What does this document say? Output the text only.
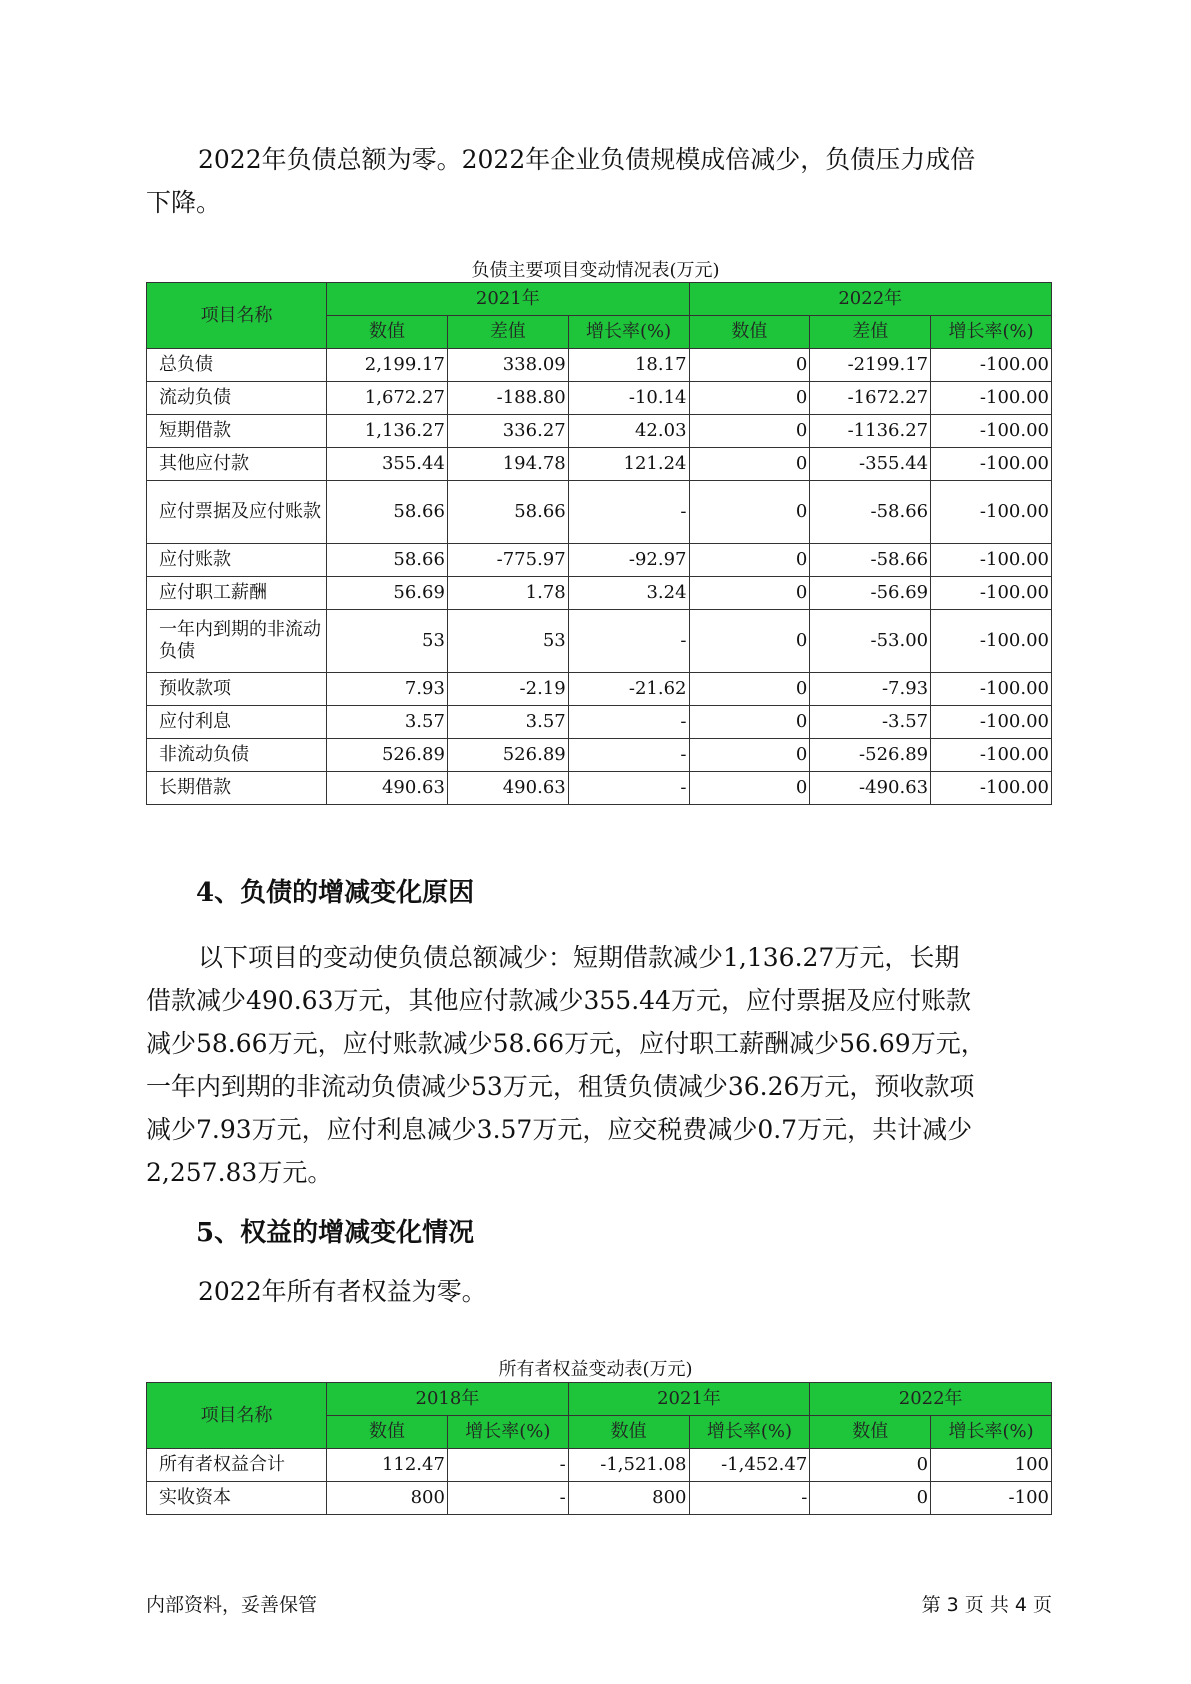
2022年负债总额为零。2022年企业负债规模成倍减少，负债压力成倍
下降。

负债主要项目变动情况表(万元)
项目名称	2021年			2022年		
	数值	差值	增长率(%)	数值	差值	增长率(%)
总负债	2,199.17	338.09	18.17	0	-2199.17	-100.00
流动负债	1,672.27	-188.80	-10.14	0	-1672.27	-100.00
短期借款	1,136.27	336.27	42.03	0	-1136.27	-100.00
其他应付款	355.44	194.78	121.24	0	-355.44	-100.00
应付票据及应付账款	58.66	58.66	-	0	-58.66	-100.00
应付账款	58.66	-775.97	-92.97	0	-58.66	-100.00
应付职工薪酬	56.69	1.78	3.24	0	-56.69	-100.00
一年内到期的非流动负债	53	53	-	0	-53.00	-100.00
预收款项	7.93	-2.19	-21.62	0	-7.93	-100.00
应付利息	3.57	3.57	-	0	-3.57	-100.00
非流动负债	526.89	526.89	-	0	-526.89	-100.00
长期借款	490.63	490.63	-	0	-490.63	-100.00
4、负债的增减变化原因

以下项目的变动使负债总额减少：短期借款减少1,136.27万元，长期
借款减少490.63万元，其他应付款减少355.44万元，应付票据及应付账款
减少58.66万元，应付账款减少58.66万元，应付职工薪酬减少56.69万元，
一年内到期的非流动负债减少53万元，租赁负债减少36.26万元，预收款项
减少7.93万元，应付利息减少3.57万元，应交税费减少0.7万元，共计减少
2,257.83万元。

5、权益的增减变化情况

2022年所有者权益为零。

所有者权益变动表(万元)
项目名称	2018年		2021年		2022年	
	数值	增长率(%)	数值	增长率(%)	数值	增长率(%)
所有者权益合计	112.47	-	-1,521.08	-1,452.47	0	100
实收资本	800	-	800	-	0	-100
内部资料，妥善保管	第 3 页 共 4 页
